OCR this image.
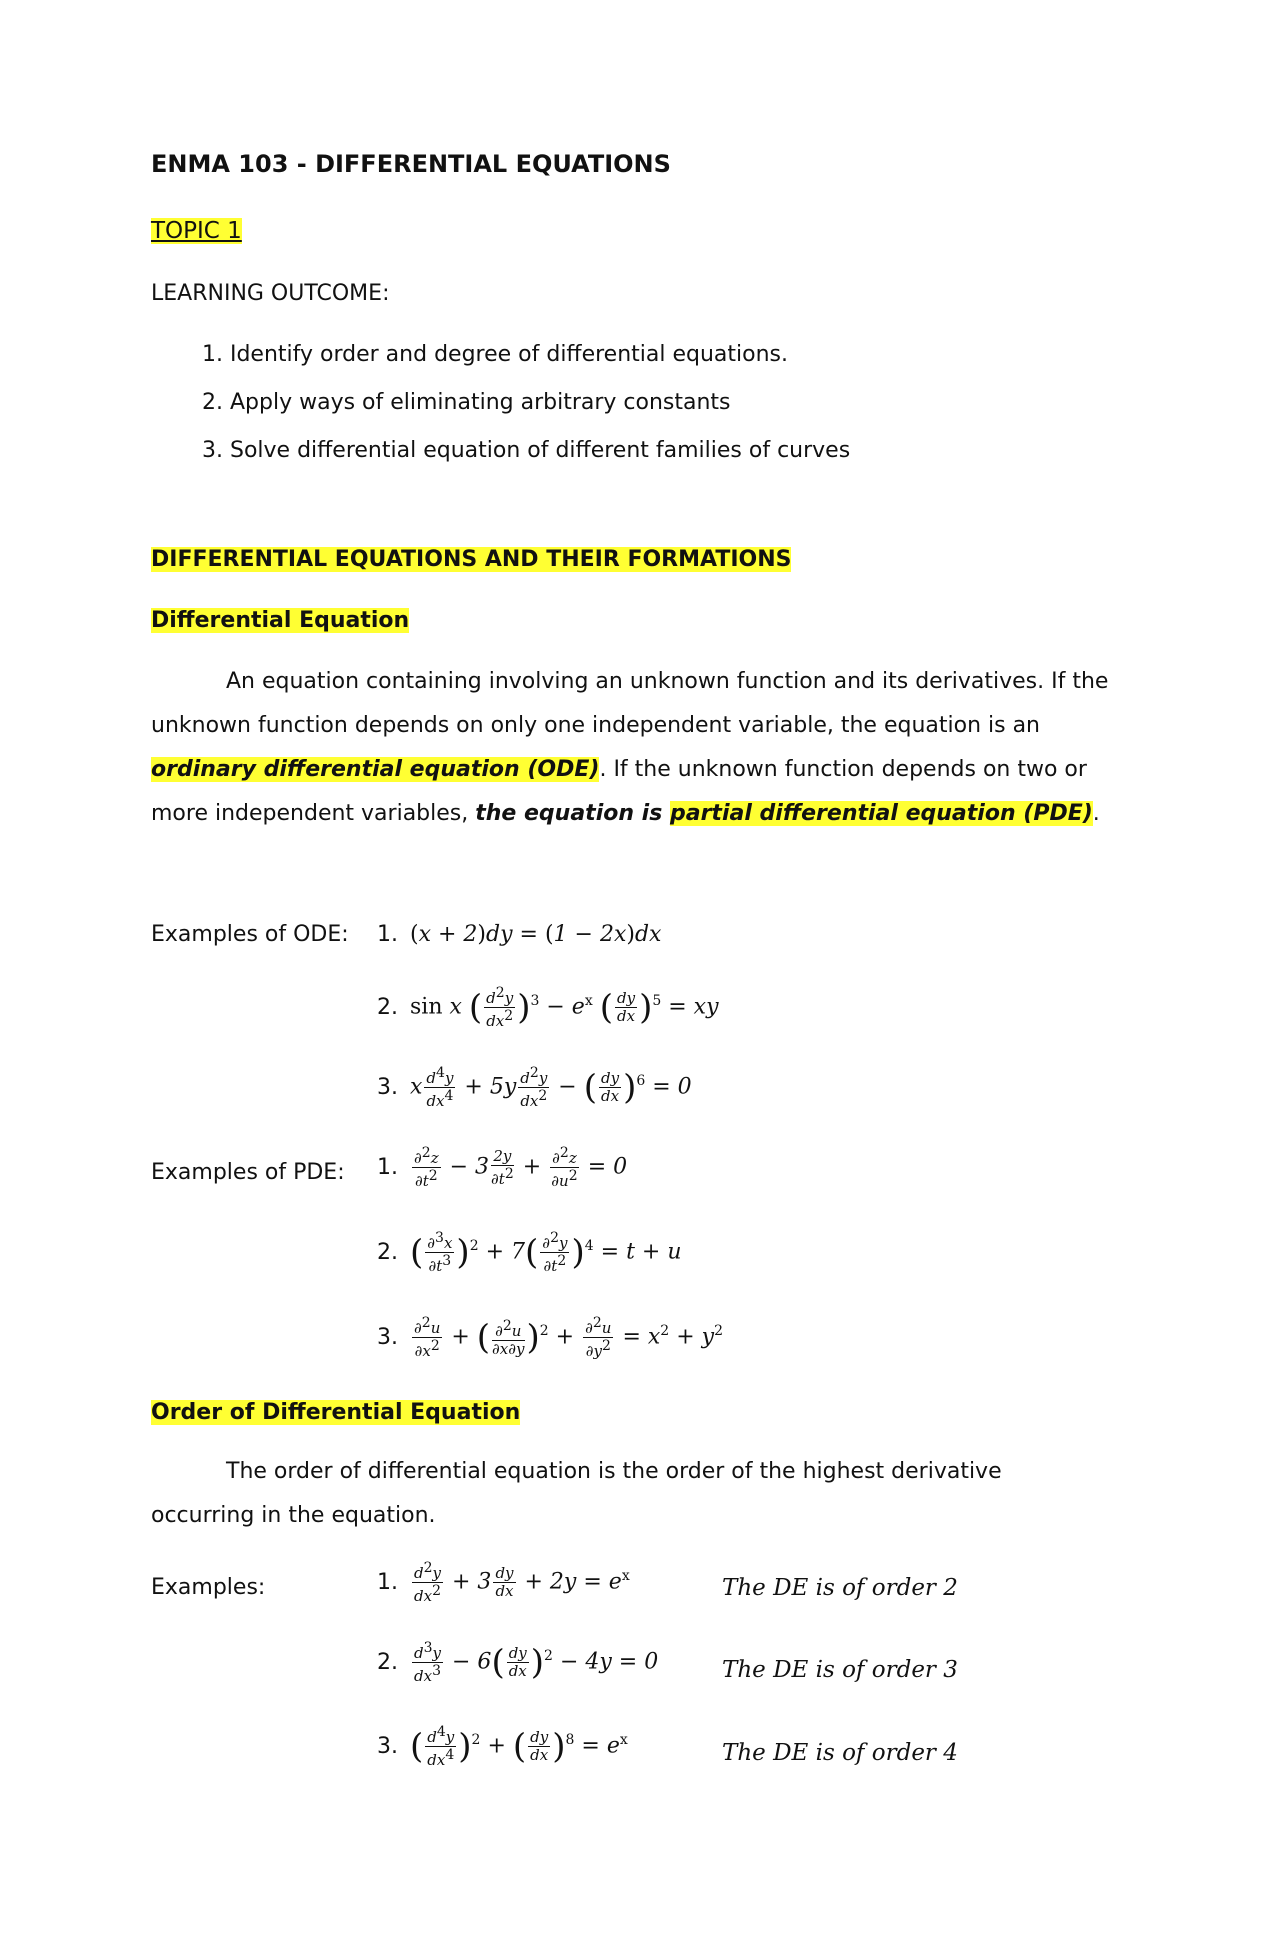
ENMA 103 - DIFFERENTIAL EQUATIONS
TOPIC 1
LEARNING OUTCOME:
1. Identify order and degree of differential equations.
2. Apply ways of eliminating arbitrary constants
3. Solve differential equation of different families of curves
DIFFERENTIAL EQUATIONS AND THEIR FORMATIONS
Differential Equation
An equation containing involving an unknown function and its derivatives. If the unknown function depends on only one independent variable, the equation is an ordinary differential equation (ODE). If the unknown function depends on two or more independent variables, the equation is partial differential equation (PDE).
Examples of ODE: 1. (x + 2)dy = (1 − 2x)dx
2. sin x ( $\frac{d^2y}{dx^2} )^3 - e^x$ ( $\frac{dy}{dx} )^5$ = xy
3. x $\frac{d^4y}{dx^4} + 5y \frac{d^2y}{dx^2}$ − ( $\frac{dy}{dx} )^6 = 0$
Examples of PDE: 1. $\frac{\partial^2z}{\partial t^2} - 3 \frac{2y}{\partial t^2} + \frac{\partial^2z}{\partial u^2} = 0$
2. ( $\frac{\partial^3x}{\partial t^3} )^2 + 7( \frac{\partial^2y}{\partial t^2} )^4 = t + u$
3. $\frac{\partial^2u}{\partial x^2}$ + ( $\frac{\partial^2u}{\partial x\partial y} )^2 + \frac{\partial^2u}{\partial y^2} = x^2 + y^2$
Order of Differential Equation
The order of differential equation is the order of the highest derivative
occurring in the equation.
Examples:	1. $\frac{d^2y}{dx^2} + 3 \frac{dy}{dx} + 2y = e^x$	The DE is of order 2
2. $\frac{d^3y}{dx^3} - 6( \frac{dy}{dx} )^2 - 4y = 0$	The DE is of order 3
3. ( $\frac{d^4y}{dx^4} )^2$ + ( $\frac{dy}{dx} )^8 = e^x$	The DE is of order 4
